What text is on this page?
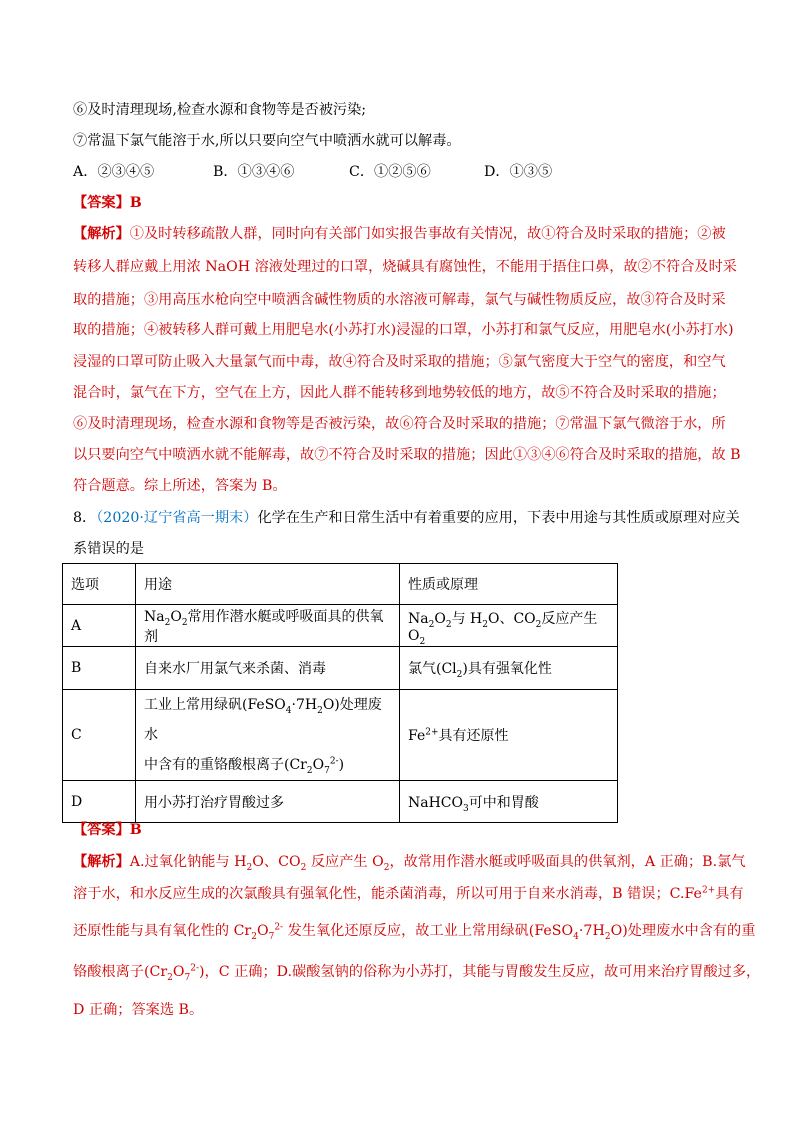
⑥及时清理现场,检查水源和食物等是否被污染;
⑦常温下氯气能溶于水,所以只要向空气中喷洒水就可以解毒。
A．②③④⑤	B．①③④⑥	C．①②⑤⑥	D．①③⑤
【答案】B
【解析】①及时转移疏散人群，同时向有关部门如实报告事故有关情况，故①符合及时采取的措施；②被
转移人群应戴上用浓 NaOH 溶液处理过的口罩，烧碱具有腐蚀性，不能用于捂住口鼻，故②不符合及时采
取的措施；③用高压水枪向空中喷洒含碱性物质的水溶液可解毒，氯气与碱性物质反应，故③符合及时采
取的措施；④被转移人群可戴上用肥皂水(小苏打水)浸湿的口罩，小苏打和氯气反应，用肥皂水(小苏打水)
浸湿的口罩可防止吸入大量氯气而中毒，故④符合及时采取的措施；⑤氯气密度大于空气的密度，和空气
混合时，氯气在下方，空气在上方，因此人群不能转移到地势较低的地方，故⑤不符合及时采取的措施；
⑥及时清理现场，检查水源和食物等是否被污染，故⑥符合及时采取的措施；⑦常温下氯气微溶于水，所
以只要向空气中喷洒水就不能解毒，故⑦不符合及时采取的措施；因此①③④⑥符合及时采取的措施，故 B
符合题意。综上所述，答案为 B。
8．（2020·辽宁省高一期末）化学在生产和日常生活中有着重要的应用，下表中用途与其性质或原理对应关
系错误的是
选项	用途	性质或原理
A	$Na_2O_2$常用作潜水艇或呼吸面具的供氧剂	$Na_2O_2$与 $H_2O$、$CO_2$反应产生 $O_2$
B	自来水厂用氯气来杀菌、消毒	氯气$(Cl_2)$具有强氧化性
C	工业上常用绿矾$(FeSO_4\cdot 7H_2O)$处理废水
中含有的重铬酸根离子$(Cr_2O_7^{2-})$	$Fe^{2+}$具有还原性
D	用小苏打治疗胃酸过多	NaHCO$_3$可中和胃酸
【答案】B
【解析】A.过氧化钠能与 $H_2O$、$CO_2$ 反应产生 $O_2$，故常用作潜水艇或呼吸面具的供氧剂，A 正确；B.氯气
溶于水，和水反应生成的次氯酸具有强氧化性，能杀菌消毒，所以可用于自来水消毒，B 错误；$C.Fe^{2+}$具有
还原性能与具有氧化性的 $Cr_2O_7^{2-}$ 发生氧化还原反应，故工业上常用绿矾$(FeSO_4\cdot 7H_2O)$处理废水中含有的重
铬酸根离子$(Cr_2O_7^{2-})$，C 正确；D.碳酸氢钠的俗称为小苏打，其能与胃酸发生反应，故可用来治疗胃酸过多，
D 正确；答案选 B。
